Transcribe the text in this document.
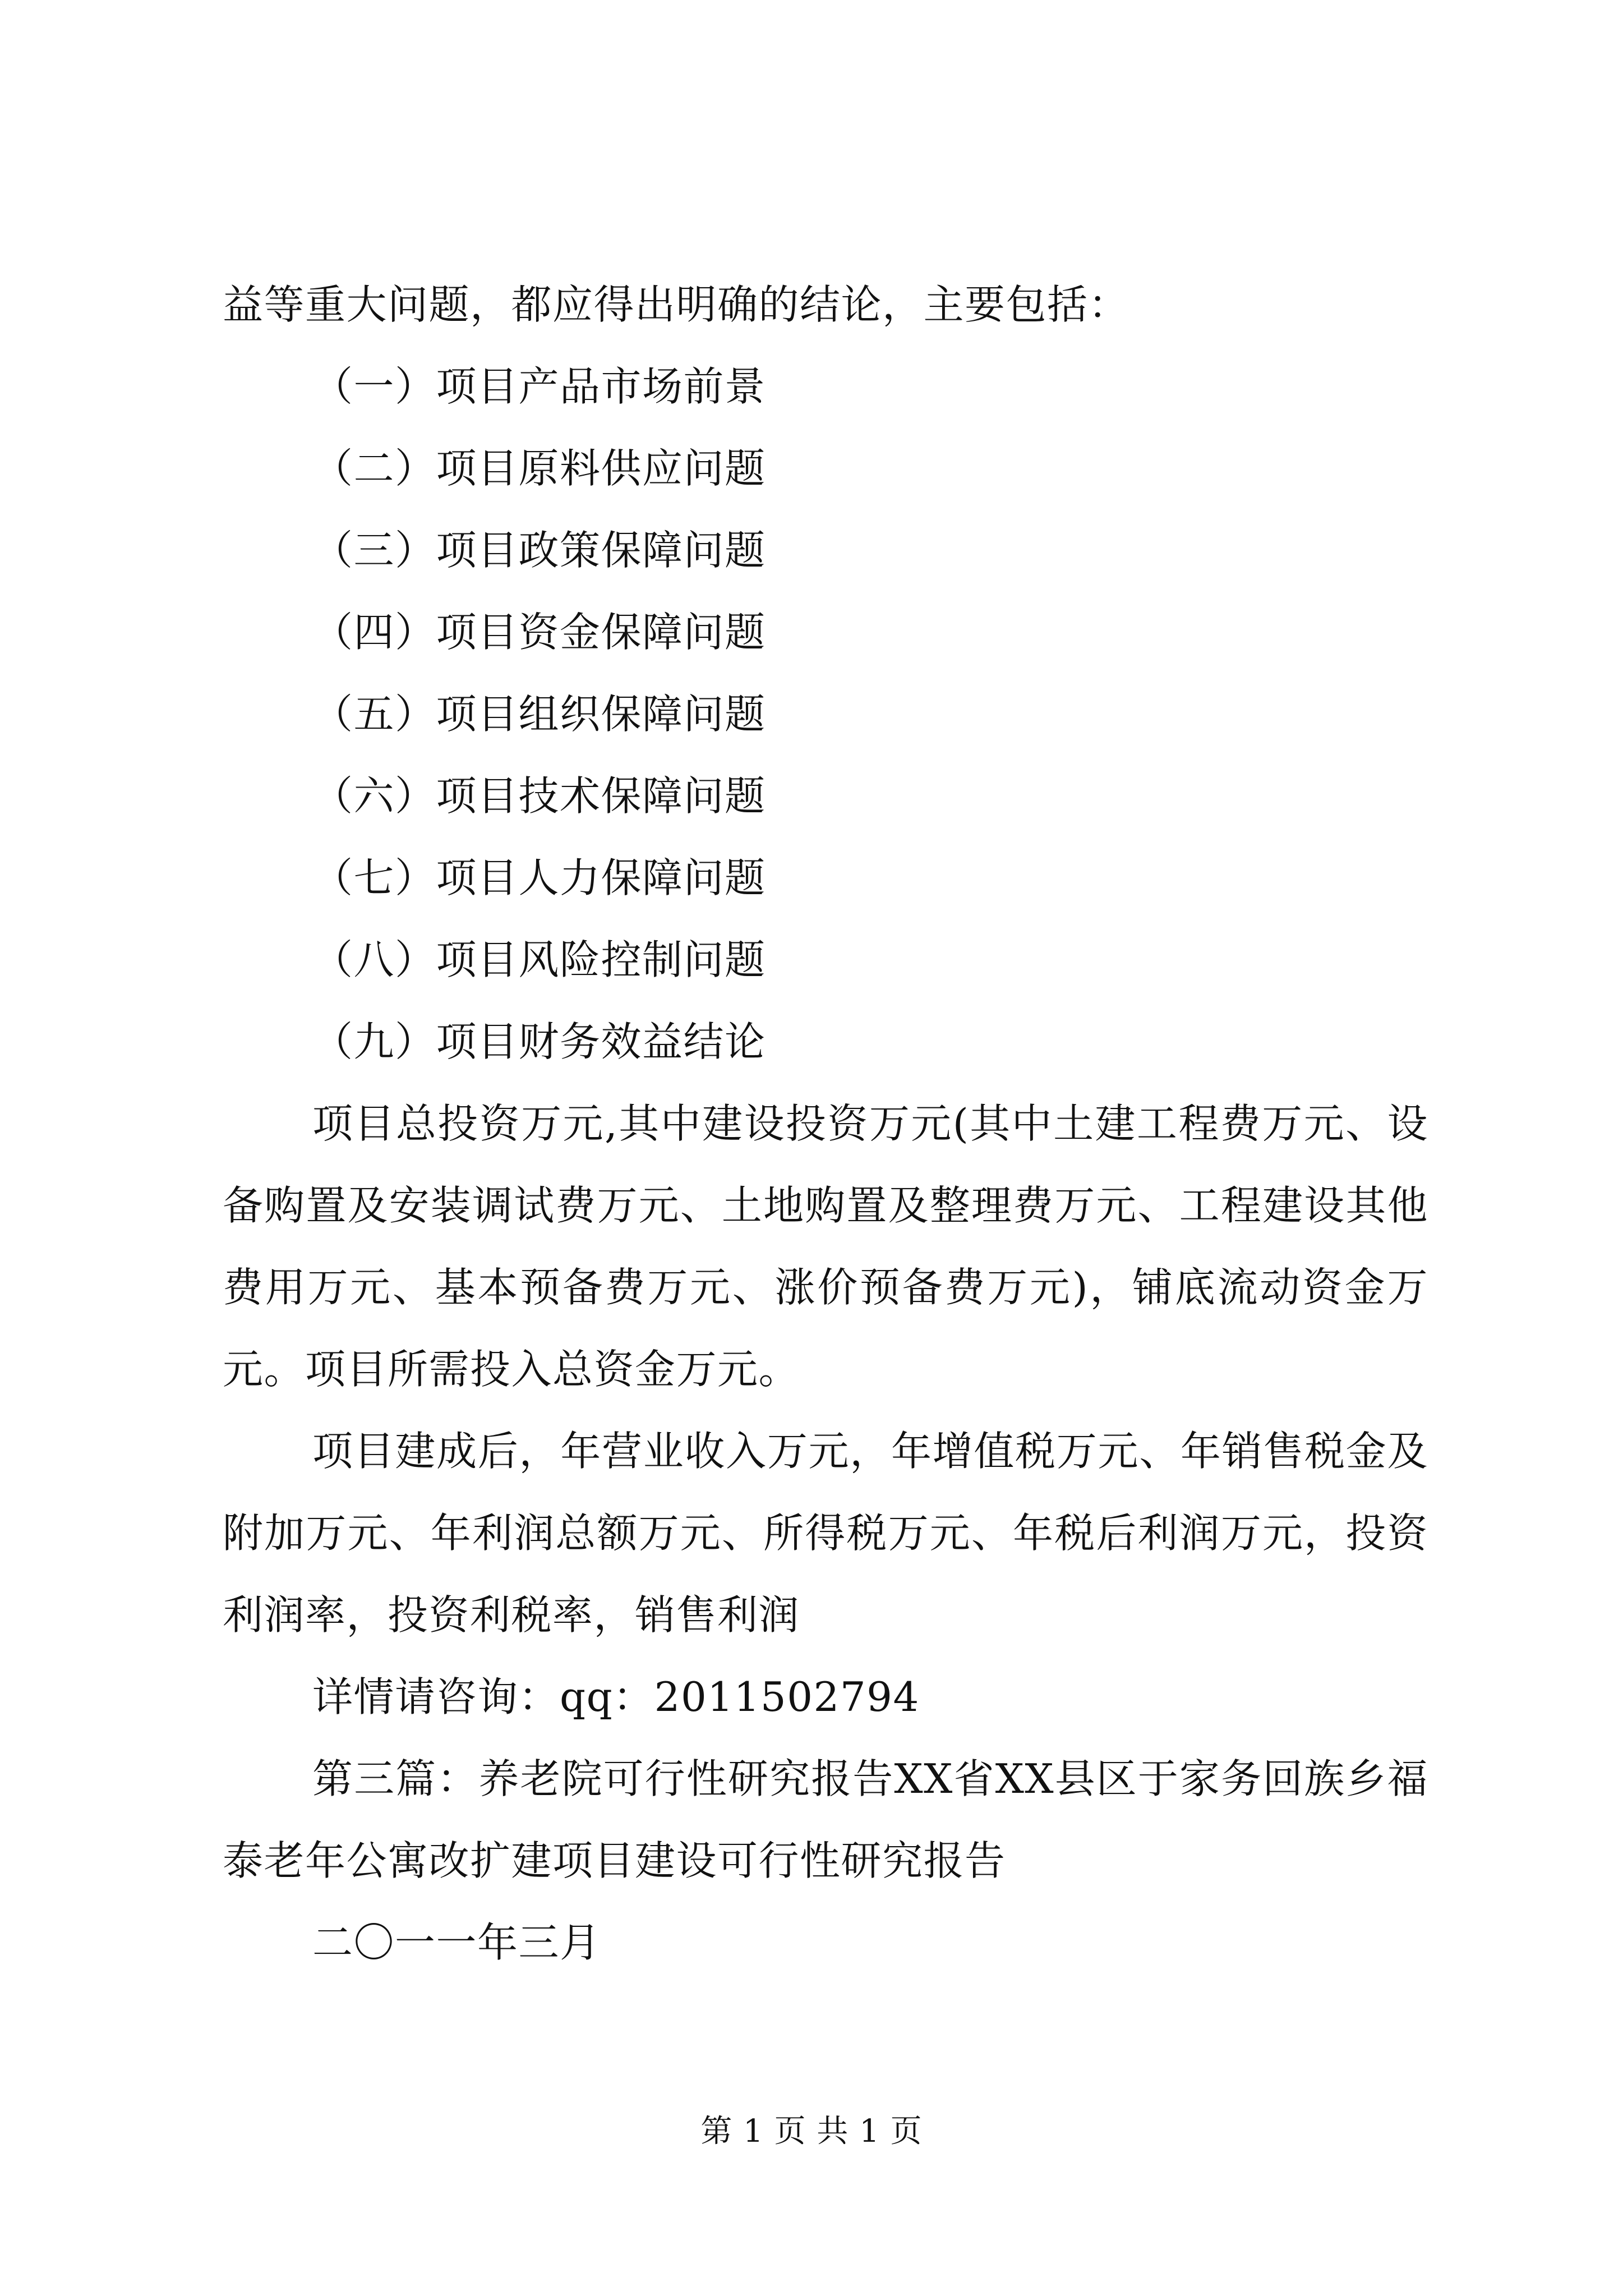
益等重大问题，都应得出明确的结论，主要包括：
（一）项目产品市场前景
（二）项目原料供应问题
（三）项目政策保障问题
（四）项目资金保障问题
（五）项目组织保障问题
（六）项目技术保障问题
（七）项目人力保障问题
（八）项目风险控制问题
（九）项目财务效益结论
项目总投资万元,其中建设投资万元(其中土建工程费万元、设备购置及安装调试费万元、土地购置及整理费万元、工程建设其他费用万元、基本预备费万元、涨价预备费万元)，铺底流动资金万元。项目所需投入总资金万元。
项目建成后，年营业收入万元，年增值税万元、年销售税金及附加万元、年利润总额万元、所得税万元、年税后利润万元，投资利润率，投资利税率，销售利润
详情请咨询：qq：2011502794
第三篇：养老院可行性研究报告XX省XX县区于家务回族乡福泰老年公寓改扩建项目建设可行性研究报告
二〇一一年三月
第 1 页 共 1 页
